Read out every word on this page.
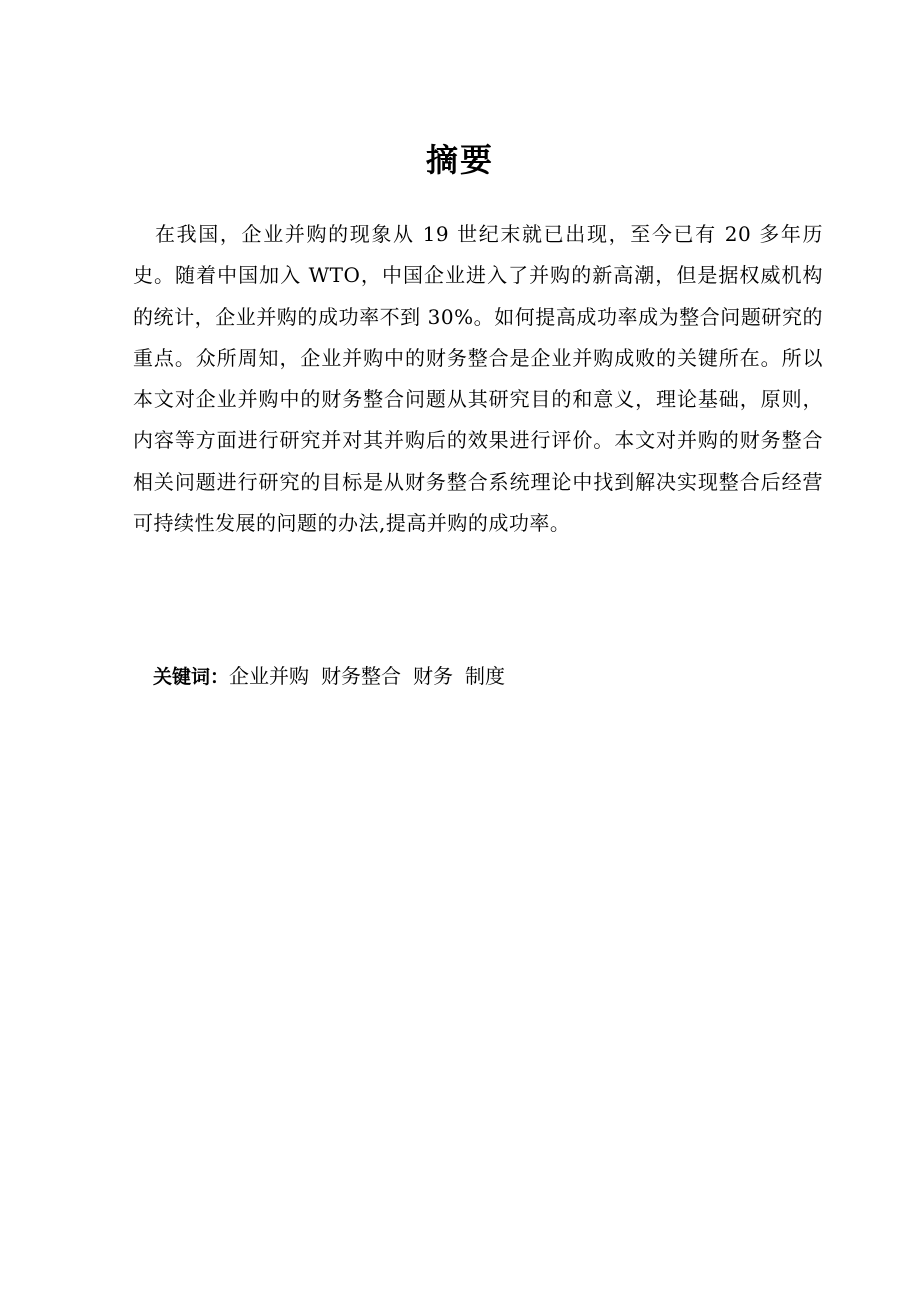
摘要

在我国，企业并购的现象从 19 世纪末就已出现，至今已有 20 多年历史。随着中国加入 WTO，中国企业进入了并购的新高潮，但是据权威机构的统计，企业并购的成功率不到 30%。如何提高成功率成为整合问题研究的重点。众所周知，企业并购中的财务整合是企业并购成败的关键所在。所以本文对企业并购中的财务整合问题从其研究目的和意义，理论基础，原则，内容等方面进行研究并对其并购后的效果进行评价。本文对并购的财务整合相关问题进行研究的目标是从财务整合系统理论中找到解决实现整合后经营可持续性发展的问题的办法,提高并购的成功率。

关键词：企业并购 财务整合 财务 制度
